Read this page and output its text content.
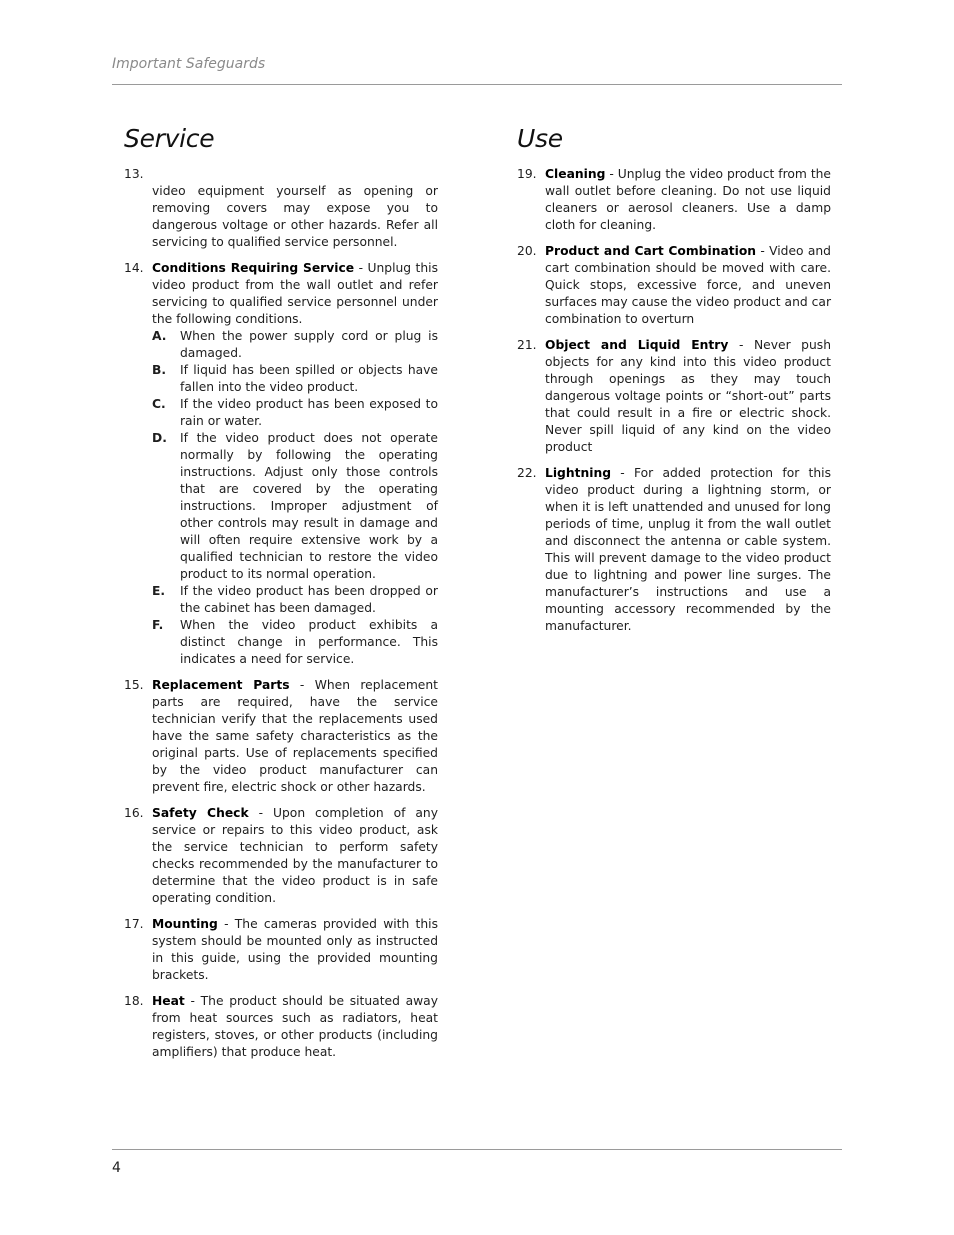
Important Safeguards
Service
13.
video equipment yourself as opening or removing covers may expose you to dangerous voltage or other hazards. Refer all servicing to qualified service personnel.
14. Conditions Requiring Service - Unplug this video product from the wall outlet and refer servicing to qualified service personnel under the following conditions.
A. When the power supply cord or plug is damaged.
B. If liquid has been spilled or objects have fallen into the video product.
C. If the video product has been exposed to rain or water.
D. If the video product does not operate normally by following the operating instructions. Adjust only those controls that are covered by the operating instructions. Improper adjustment of other controls may result in damage and will often require extensive work by a qualified technician to restore the video product to its normal operation.
E. If the video product has been dropped or the cabinet has been damaged.
F. When the video product exhibits a distinct change in performance. This indicates a need for service.
15. Replacement Parts - When replacement parts are required, have the service technician verify that the replacements used have the same safety characteristics as the original parts. Use of replacements specified by the video product manufacturer can prevent fire, electric shock or other hazards.
16. Safety Check - Upon completion of any service or repairs to this video product, ask the service technician to perform safety checks recommended by the manufacturer to determine that the video product is in safe operating condition.
17. Mounting - The cameras provided with this system should be mounted only as instructed in this guide, using the provided mounting brackets.
18. Heat - The product should be situated away from heat sources such as radiators, heat registers, stoves, or other products (including amplifiers) that produce heat.
Use
19. Cleaning - Unplug the video product from the wall outlet before cleaning. Do not use liquid cleaners or aerosol cleaners. Use a damp cloth for cleaning.
20. Product and Cart Combination - Video and cart combination should be moved with care. Quick stops, excessive force, and uneven surfaces may cause the video product and car combination to overturn
21. Object and Liquid Entry - Never push objects for any kind into this video product through openings as they may touch dangerous voltage points or “short-out” parts that could result in a fire or electric shock. Never spill liquid of any kind on the video product
22. Lightning - For added protection for this video product during a lightning storm, or when it is left unattended and unused for long periods of time, unplug it from the wall outlet and disconnect the antenna or cable system. This will prevent damage to the video product due to lightning and power line surges. The manufacturer’s instructions and use a mounting accessory recommended by the manufacturer.
4
